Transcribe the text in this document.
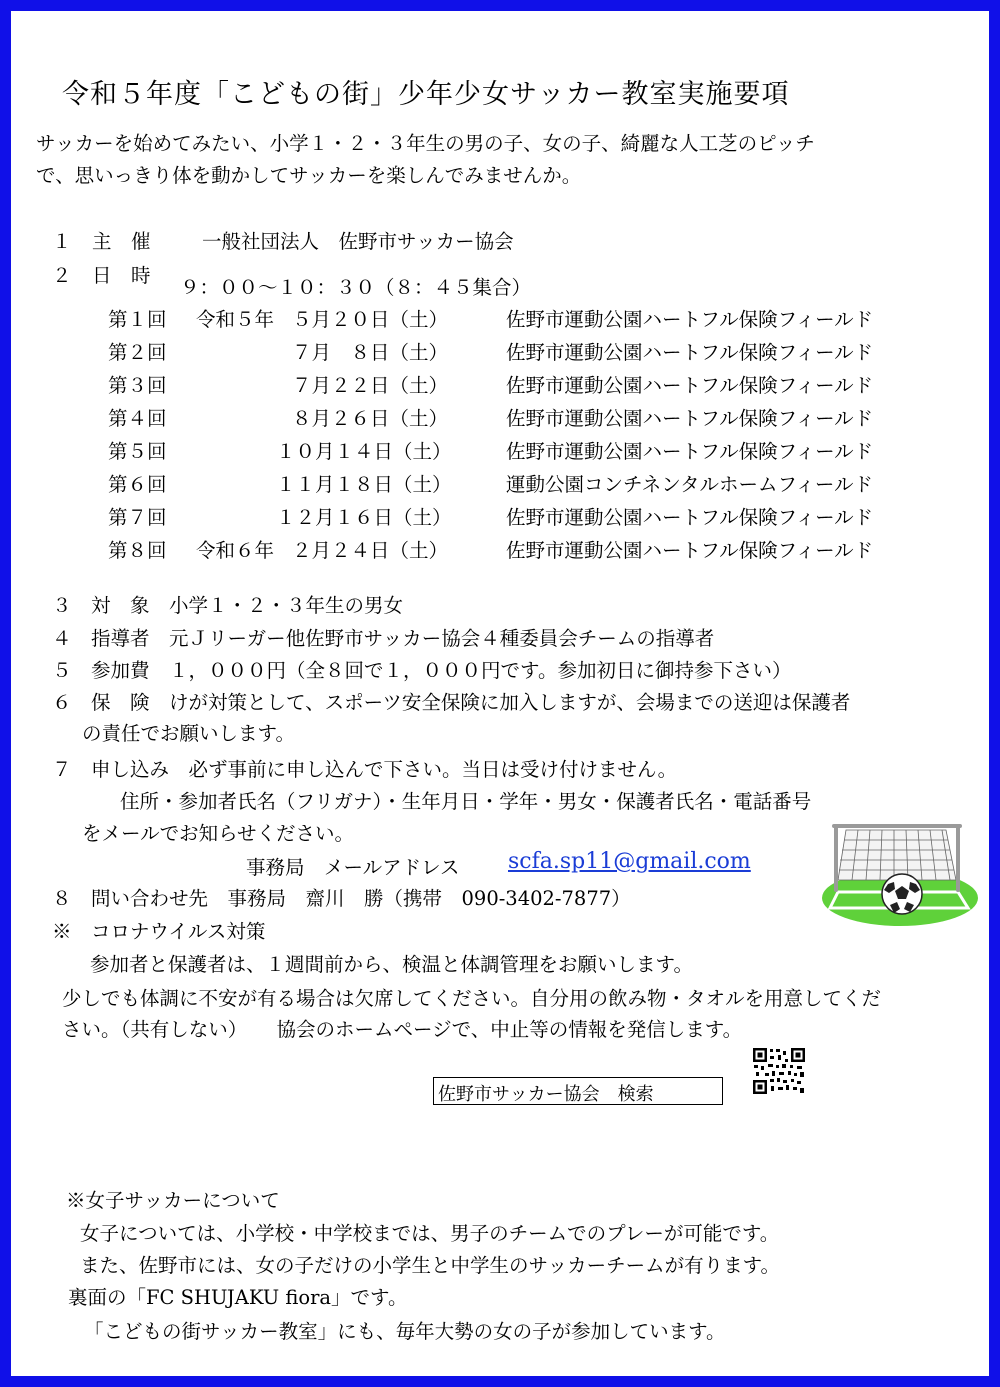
令和５年度「こどもの街」少年少女サッカー教室実施要項
サッカーを始めてみたい、小学１・２・３年生の男の子、女の子、綺麗な人工芝のピッチ
で、思いっきり体を動かしてサッカーを楽しんでみませんか。
１ 主　催	一般社団法人　佐野市サッカー協会
２ 日　時
９：００～１０：３０（８：４５集合）
第１回 令和５年 ５月２０日（土）	佐野市運動公園ハートフル保険フィールド
第２回	７月　８日（土）	佐野市運動公園ハートフル保険フィールド
第３回	７月２２日（土）	佐野市運動公園ハートフル保険フィールド
第４回	８月２６日（土）	佐野市運動公園ハートフル保険フィールド
第５回	１０月１４日（土）	佐野市運動公園ハートフル保険フィールド
第６回	１１月１８日（土）	運動公園コンチネンタルホームフィールド
第７回	１２月１６日（土）	佐野市運動公園ハートフル保険フィールド
第８回 令和６年 ２月２４日（土）	佐野市運動公園ハートフル保険フィールド
３　対　象　小学１・２・３年生の男女
４　指導者　元Ｊリーガー他佐野市サッカー協会４種委員会チームの指導者
５　参加費　１，０００円（全８回で１，０００円です。参加初日に御持参下さい）
６　保　険　けが対策として、スポーツ安全保険に加入しますが、会場までの送迎は保護者
の責任でお願いします。
７　申し込み　必ず事前に申し込んで下さい。当日は受け付けません。
住所・参加者氏名（フリガナ）・生年月日・学年・男女・保護者氏名・電話番号
をメールでお知らせください。
事務局　メールアドレス scfa.sp11@gmail.com
８　問い合わせ先　事務局　齋川　勝（携帯　090-3402-7877）
※　コロナウイルス対策
参加者と保護者は、１週間前から、検温と体調管理をお願いします。
少しでも体調に不安が有る場合は欠席してください。自分用の飲み物・タオルを用意してくだ
さい。（共有しない）　　協会のホームページで、中止等の情報を発信します。
佐野市サッカー協会　検索
※女子サッカーについて
女子については、小学校・中学校までは、男子のチームでのプレーが可能です。
また、佐野市には、女の子だけの小学生と中学生のサッカーチームが有ります。
裏面の「FC SHUJAKU fiora」です。
「こどもの街サッカー教室」にも、毎年大勢の女の子が参加しています。
